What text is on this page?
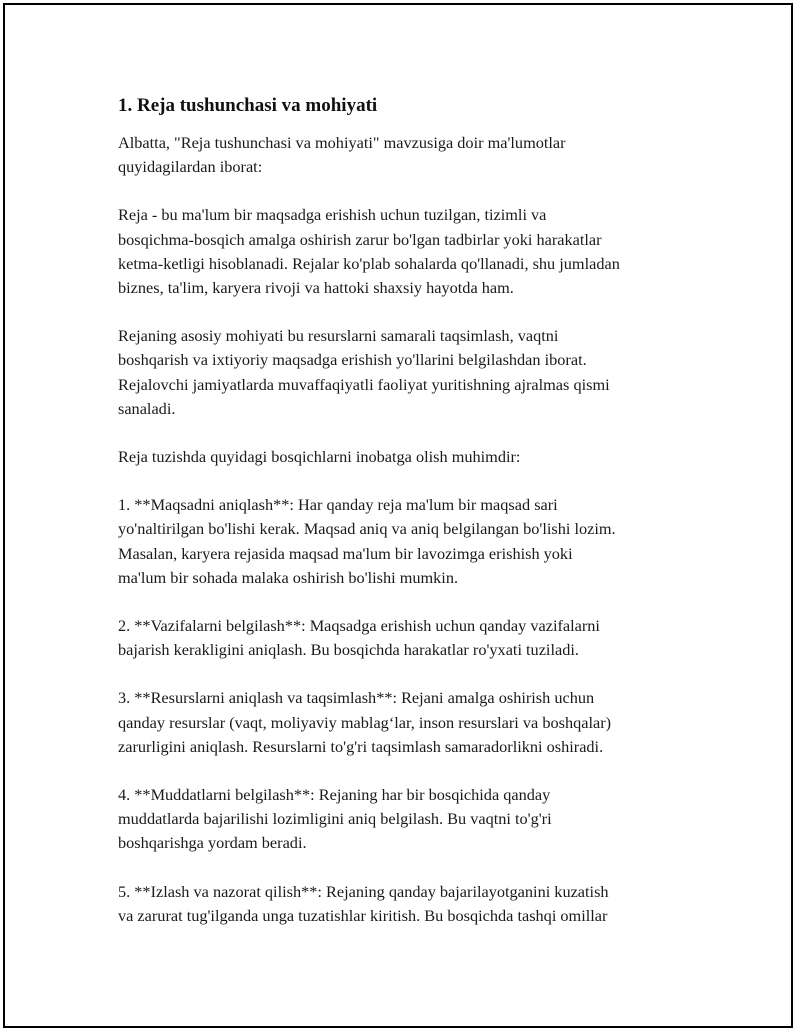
1. Reja tushunchasi va mohiyati
Albatta, "Reja tushunchasi va mohiyati" mavzusiga doir ma'lumotlar
quyidagilardan iborat:
Reja - bu ma'lum bir maqsadga erishish uchun tuzilgan, tizimli va
bosqichma-bosqich amalga oshirish zarur bo'lgan tadbirlar yoki harakatlar
ketma-ketligi hisoblanadi. Rejalar ko'plab sohalarda qo'llanadi, shu jumladan
biznes, ta'lim, karyera rivoji va hattoki shaxsiy hayotda ham.
Rejaning asosiy mohiyati bu resurslarni samarali taqsimlash, vaqtni
boshqarish va ixtiyoriy maqsadga erishish yo'llarini belgilashdan iborat.
Rejalovchi jamiyatlarda muvaffaqiyatli faoliyat yuritishning ajralmas qismi
sanaladi.
Reja tuzishda quyidagi bosqichlarni inobatga olish muhimdir:
1. **Maqsadni aniqlash**: Har qanday reja ma'lum bir maqsad sari
yo'naltirilgan bo'lishi kerak. Maqsad aniq va aniq belgilangan bo'lishi lozim.
Masalan, karyera rejasida maqsad ma'lum bir lavozimga erishish yoki
ma'lum bir sohada malaka oshirish bo'lishi mumkin.
2. **Vazifalarni belgilash**: Maqsadga erishish uchun qanday vazifalarni
bajarish kerakligini aniqlash. Bu bosqichda harakatlar ro'yxati tuziladi.
3. **Resurslarni aniqlash va taqsimlash**: Rejani amalga oshirish uchun
qanday resurslar (vaqt, moliyaviy mablag‘lar, inson resurslari va boshqalar)
zarurligini aniqlash. Resurslarni to'g'ri taqsimlash samaradorlikni oshiradi.
4. **Muddatlarni belgilash**: Rejaning har bir bosqichida qanday
muddatlarda bajarilishi lozimligini aniq belgilash. Bu vaqtni to'g'ri
boshqarishga yordam beradi.
5. **Izlash va nazorat qilish**: Rejaning qanday bajarilayotganini kuzatish
va zarurat tug'ilganda unga tuzatishlar kiritish. Bu bosqichda tashqi omillar
